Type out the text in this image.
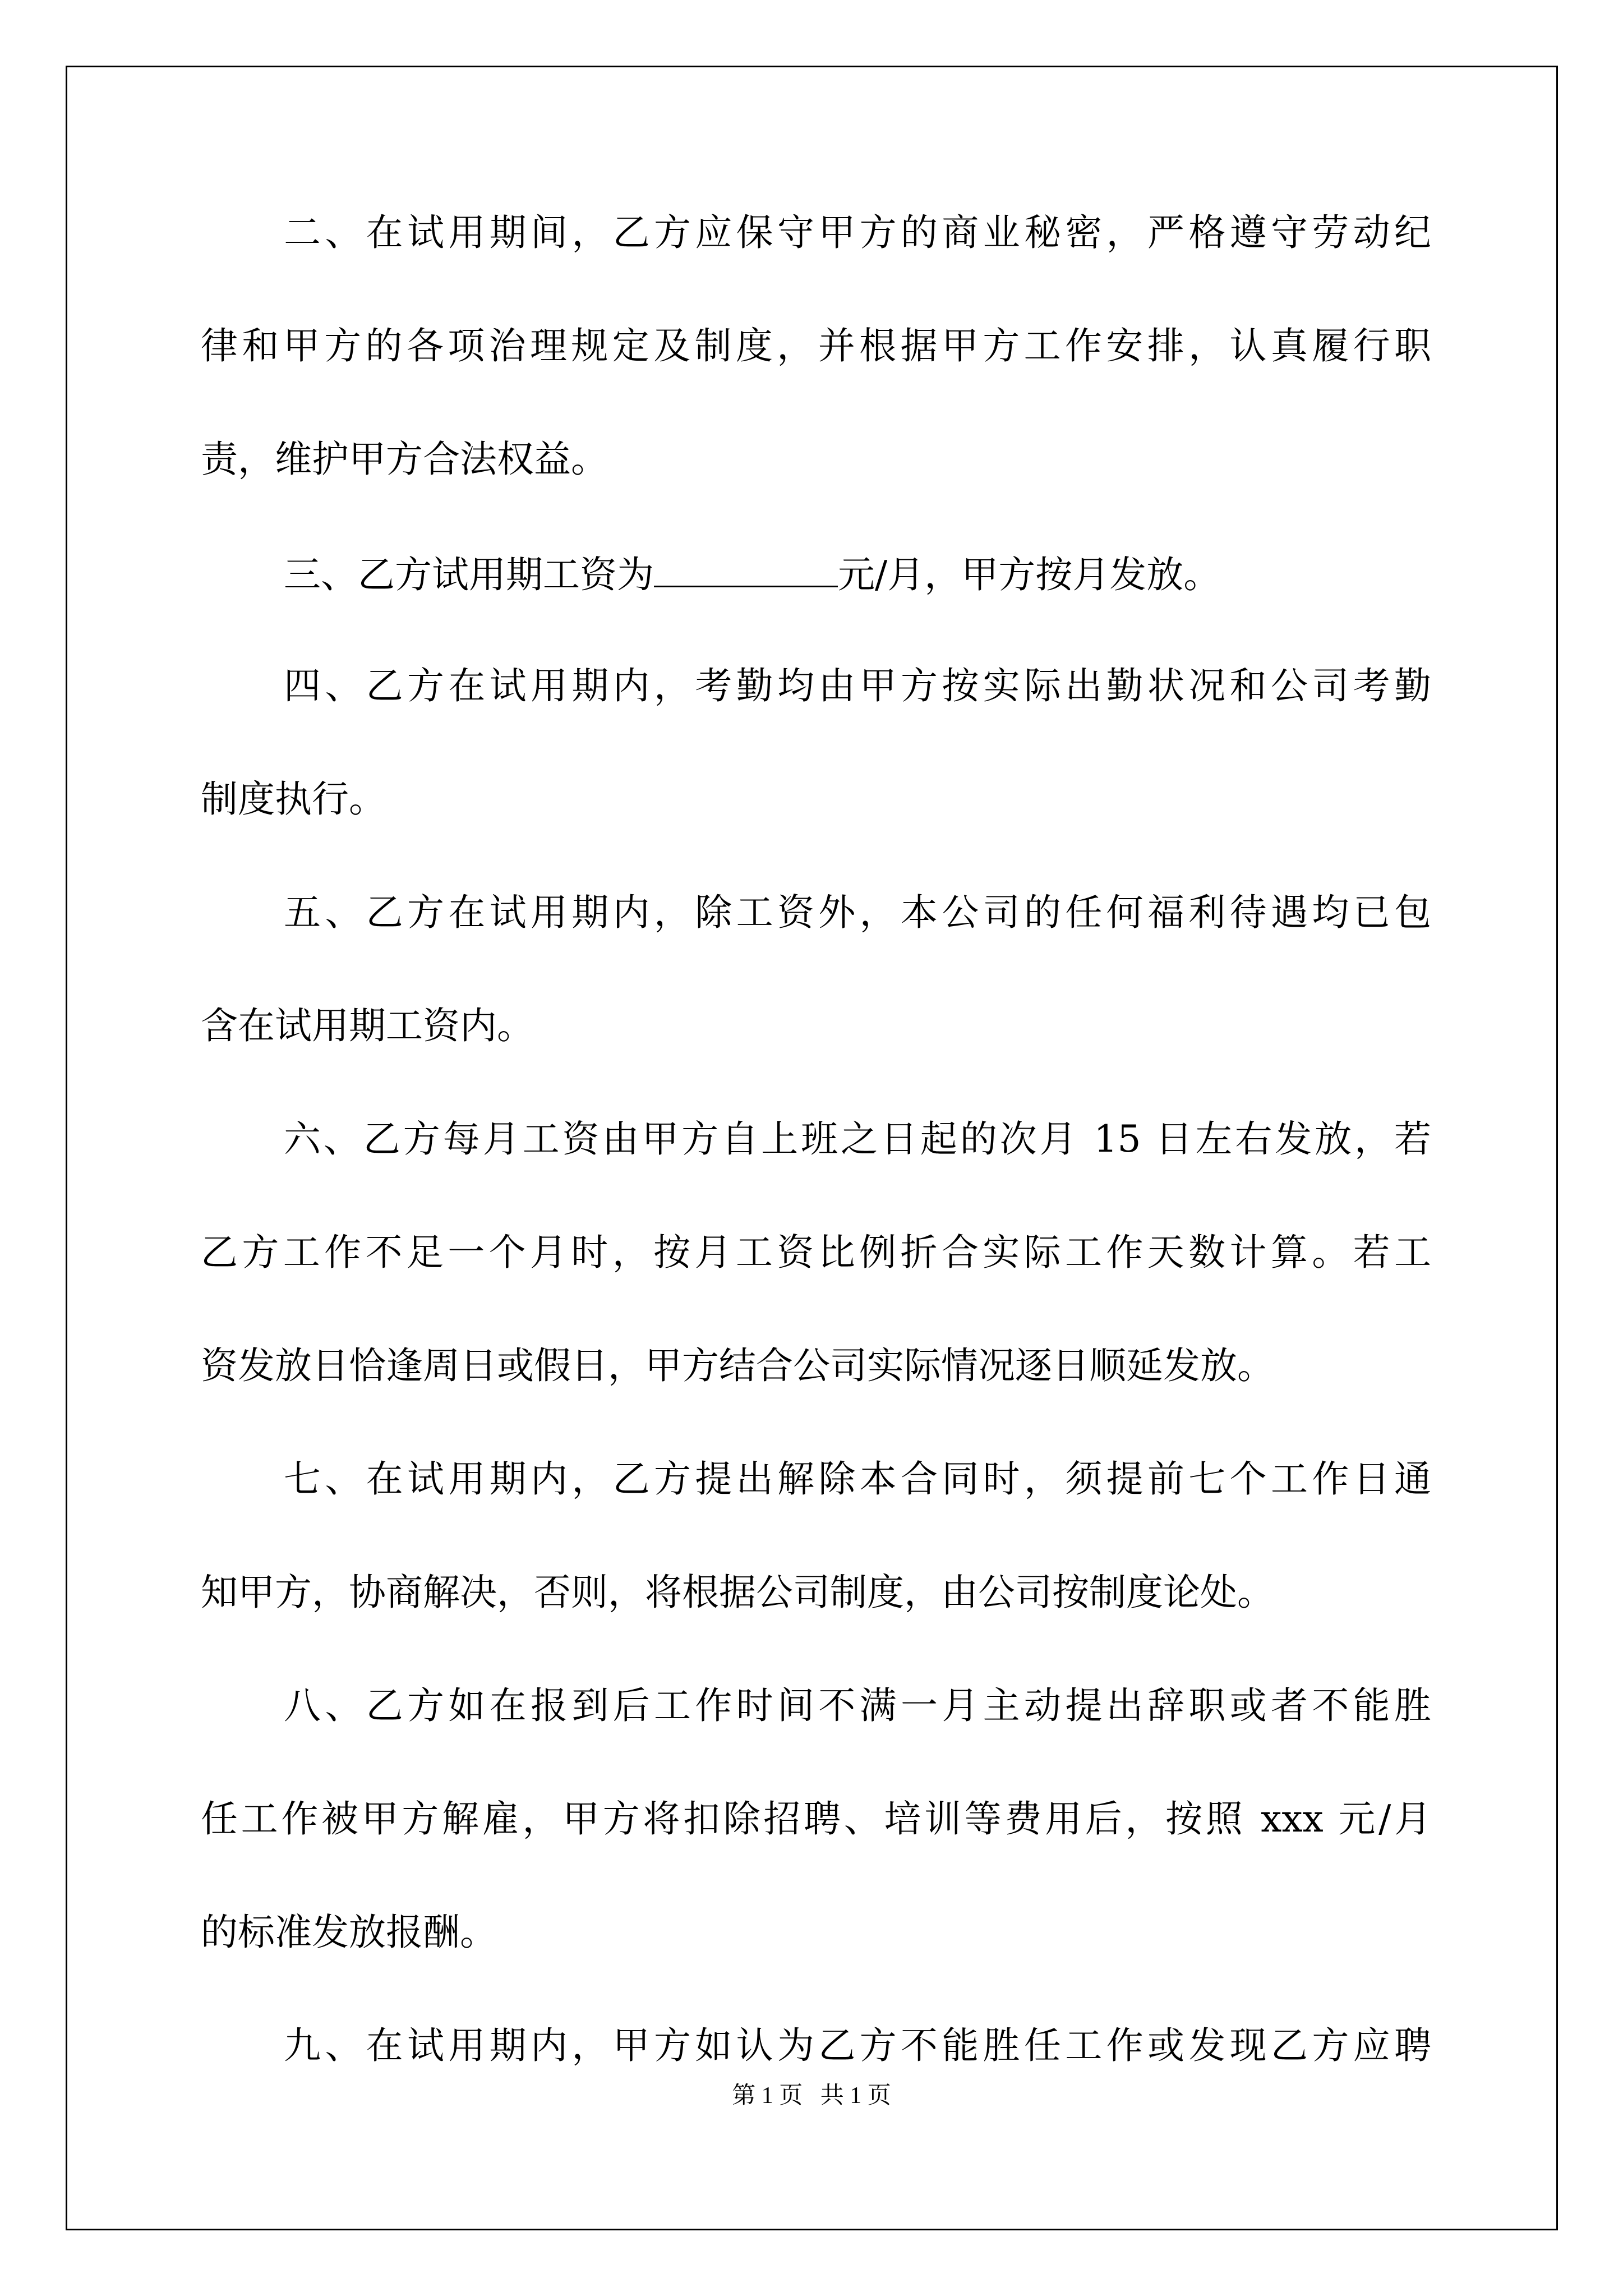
二、在试用期间，乙方应保守甲方的商业秘密，严格遵守劳动纪
律和甲方的各项治理规定及制度，并根据甲方工作安排，认真履行职
责，维护甲方合法权益。
三、乙方试用期工资为	元/月，甲方按月发放。
四、乙方在试用期内，考勤均由甲方按实际出勤状况和公司考勤
制度执行。
五、乙方在试用期内，除工资外，本公司的任何福利待遇均已包
含在试用期工资内。
六、乙方每月工资由甲方自上班之日起的次月 15 日左右发放，若
乙方工作不足一个月时，按月工资比例折合实际工作天数计算。若工
资发放日恰逢周日或假日，甲方结合公司实际情况逐日顺延发放。
七、在试用期内，乙方提出解除本合同时，须提前七个工作日通
知甲方，协商解决，否则，将根据公司制度，由公司按制度论处。
八、乙方如在报到后工作时间不满一月主动提出辞职或者不能胜
任工作被甲方解雇，甲方将扣除招聘、培训等费用后，按照 xxx 元/月
的标准发放报酬。
九、在试用期内，甲方如认为乙方不能胜任工作或发现乙方应聘
第 1 页   共 1 页
